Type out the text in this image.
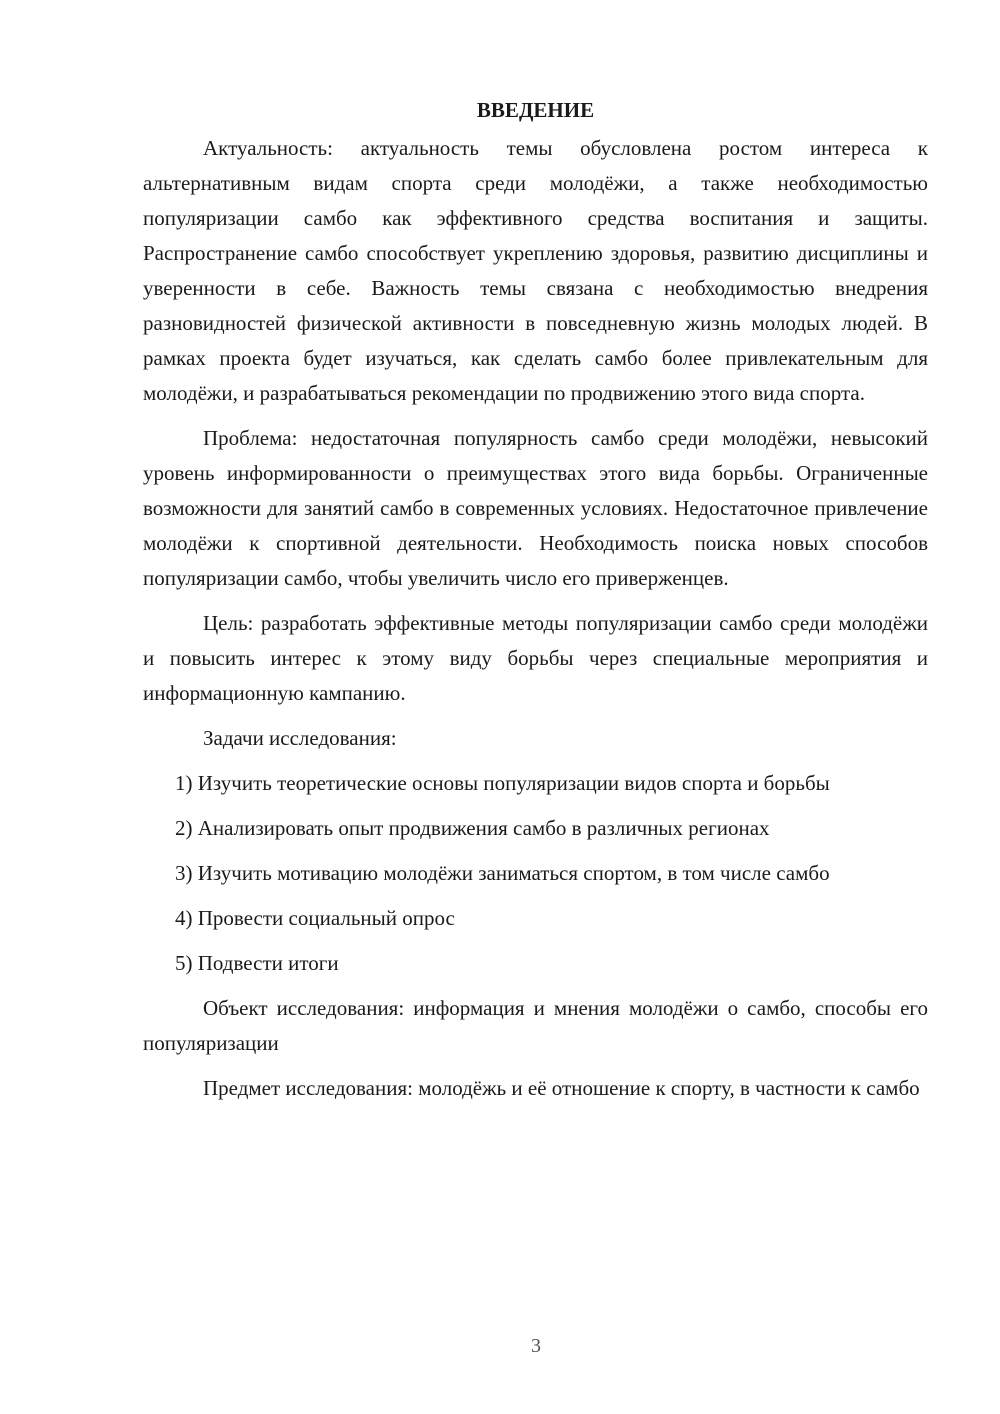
ВВЕДЕНИЕ

Актуальность: актуальность темы обусловлена ростом интереса к альтернативным видам спорта среди молодёжи, а также необходимостью популяризации самбо как эффективного средства воспитания и защиты. Распространение самбо способствует укреплению здоровья, развитию дисциплины и уверенности в себе. Важность темы связана с необходимостью внедрения разновидностей физической активности в повседневную жизнь молодых людей. В рамках проекта будет изучаться, как сделать самбо более привлекательным для молодёжи, и разрабатываться рекомендации по продвижению этого вида спорта.

Проблема: недостаточная популярность самбо среди молодёжи, невысокий уровень информированности о преимуществах этого вида борьбы. Ограниченные возможности для занятий самбо в современных условиях. Недостаточное привлечение молодёжи к спортивной деятельности. Необходимость поиска новых способов популяризации самбо, чтобы увеличить число его приверженцев.

Цель: разработать эффективные методы популяризации самбо среди молодёжи и повысить интерес к этому виду борьбы через специальные мероприятия и информационную кампанию.

Задачи исследования:

1) Изучить теоретические основы популяризации видов спорта и борьбы

2) Анализировать опыт продвижения самбо в различных регионах

3) Изучить мотивацию молодёжи заниматься спортом, в том числе самбо

4) Провести социальный опрос

5) Подвести итоги

Объект исследования: информация и мнения молодёжи о самбо, способы его популяризации

Предмет исследования: молодёжь и её отношение к спорту, в частности к самбо

3
